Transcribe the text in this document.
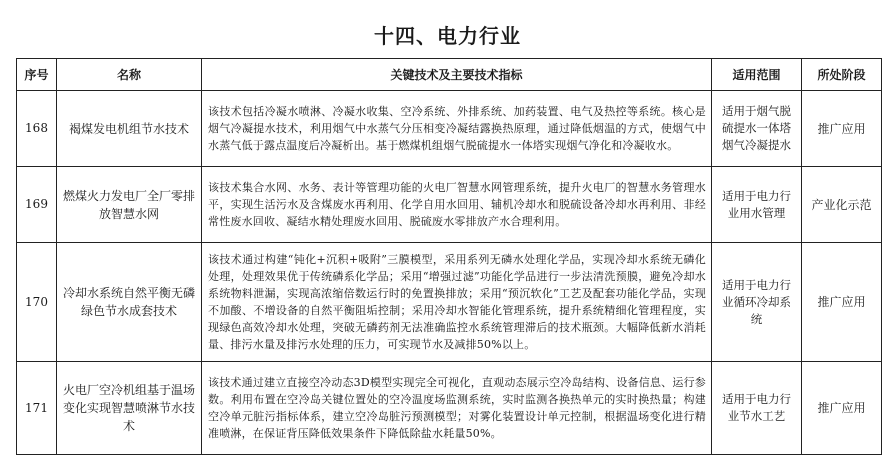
十四、电力行业
序号	名称	关键技术及主要技术指标	适用范围	所处阶段
168	褐煤发电机组节水技术	该技术包括冷凝水喷淋、冷凝水收集、空冷系统、外排系统、加药装置、电气及热控等系统。核心是烟气冷凝提水技术，利用烟气中水蒸气分压相变冷凝结露换热原理，通过降低烟温的方式，使烟气中水蒸气低于露点温度后冷凝析出。基于燃煤机组烟气脱硫提水一体塔实现烟气净化和冷凝收水。	适用于烟气脱硫提水一体塔烟气冷凝提水	推广应用
169	燃煤火力发电厂全厂零排放智慧水网	该技术集合水网、水务、表计等管理功能的火电厂智慧水网管理系统，提升火电厂的智慧水务管理水平，实现生活污水及含煤废水再利用、化学自用水回用、辅机冷却水和脱硫设备冷却水再利用、非经常性废水回收、凝结水精处理废水回用、脱硫废水零排放产水合理利用。	适用于电力行业用水管理	产业化示范
170	冷却水系统自然平衡无磷绿色节水成套技术	该技术通过构建“钝化+沉积+吸附”三膜模型，采用系列无磷水处理化学品，实现冷却水系统无磷化处理，处理效果优于传统磷系化学品；采用“增强过滤”功能化学品进行一步法清洗预膜，避免冷却水系统物料泄漏，实现高浓缩倍数运行时的免置换排放；采用“预沉软化”工艺及配套功能化学品，实现不加酸、不增设备的自然平衡阻垢控制；采用冷却水智能化管理系统，提升系统精细化管理程度，实现绿色高效冷却水处理，突破无磷药剂无法准确监控水系统管理滞后的技术瓶颈。大幅降低新水消耗量、排污水量及排污水处理的压力，可实现节水及减排50%以上。	适用于电力行业循环冷却系统	推广应用
171	火电厂空冷机组基于温场变化实现智慧喷淋节水技术	该技术通过建立直接空冷动态3D模型实现完全可视化，直观动态展示空冷岛结构、设备信息、运行参数。利用布置在空冷岛关键位置处的空冷温度场监测系统，实时监测各换热单元的实时换热量；构建空冷单元脏污指标体系，建立空冷岛脏污预测模型；对雾化装置设计单元控制，根据温场变化进行精准喷淋，在保证背压降低效果条件下降低除盐水耗量50%。	适用于电力行业节水工艺	推广应用
